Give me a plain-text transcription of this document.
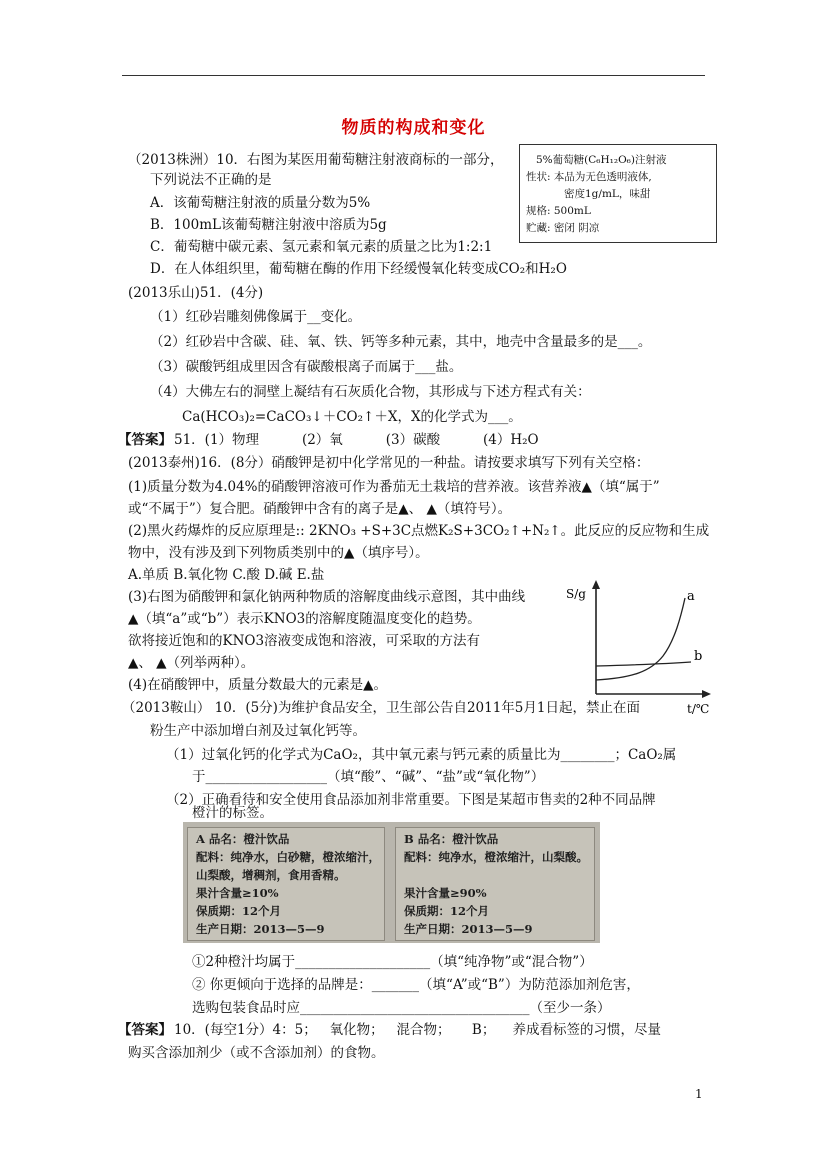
物质的构成和变化
（2013株洲）10．右图为某医用葡萄糖注射液商标的一部分，
下列说法不正确的是
A．该葡萄糖注射液的质量分数为5%
B．100mL该葡萄糖注射液中溶质为5g
C．葡萄糖中碳元素、氢元素和氧元素的质量之比为1:2:1
D．在人体组织里，葡萄糖在酶的作用下经缓慢氧化转变成CO₂和H₂O
5%葡萄糖(C₆H₁₂O₆)注射液
性状: 本品为无色透明液体,
密度1g/mL，味甜
规格: 500mL
贮藏: 密闭 阴凉
(2013乐山)51．(4分)
（1）红砂岩雕刻佛像属于__变化。
（2）红砂岩中含碳、硅、氧、铁、钙等多种元素，其中，地壳中含量最多的是___。
（3）碳酸钙组成里因含有碳酸根离子而属于___盐。
（4）大佛左右的洞壁上凝结有石灰质化合物，其形成与下述方程式有关：
Ca(HCO₃)₂=CaCO₃↓＋CO₂↑＋X，X的化学式为___。
【答案】 51．(1）物理          (2）氧          (3）碳酸          (4）H₂O
(2013泰州)16．(8分）硝酸钾是初中化学常见的一种盐。请按要求填写下列有关空格：
(1)质量分数为4.04%的硝酸钾溶液可作为番茄无土栽培的营养液。该营养液▲（填“属于”
或“不属于”）复合肥。硝酸钾中含有的离子是▲、 ▲（填符号）。
(2)黑火药爆炸的反应原理是:: 2KNO₃ +S+3C点燃K₂S+3CO₂↑+N₂↑。此反应的反应物和生成
物中，没有涉及到下列物质类别中的▲（填序号）。
A.单质 B.氧化物 C.酸 D.碱 E.盐
(3)右图为硝酸钾和氯化钠两种物质的溶解度曲线示意图，其中曲线
▲（填“a”或“b”）表示KNO3的溶解度随温度变化的趋势。
欲将接近饱和的KNO3溶液变成饱和溶液，可采取的方法有
▲、 ▲（列举两种）。
(4)在硝酸钾中，质量分数最大的元素是▲。
S/g
t/℃
a
b
（2013鞍山） 10．(5分)为维护食品安全，卫生部公告自2011年5月1日起，禁止在面
粉生产中添加增白剂及过氧化钙等。
（1）过氧化钙的化学式为CaO₂，其中氧元素与钙元素的质量比为________；CaO₂属
于__________________（填“酸”、“碱”、“盐”或“氧化物”）
（2）正确看待和安全使用食品添加剂非常重要。下图是某超市售卖的2种不同品牌
橙汁的标签。
A 品名：橙汁饮品
配料：纯净水，白砂糖，橙浓缩汁，
山梨酸，增稠剂，食用香精。
果汁含量≥10%
保质期：12个月
生产日期：2013—5—9
B 品名：橙汁饮品
配料：纯净水，橙浓缩汁，山梨酸。
果汁含量≥90%
保质期：12个月
生产日期：2013—5—9
①2种橙汁均属于____________________（填“纯净物”或“混合物”）
② 你更倾向于选择的品牌是：_______（填“A”或“B”）为防范添加剂危害，
选购包装食品时应__________________________________（至少一条）
【答案】 10．(每空1分）4：5；   氧化物；   混合物；     B；    养成看标签的习惯，尽量
购买含添加剂少（或不含添加剂）的食物。
1
